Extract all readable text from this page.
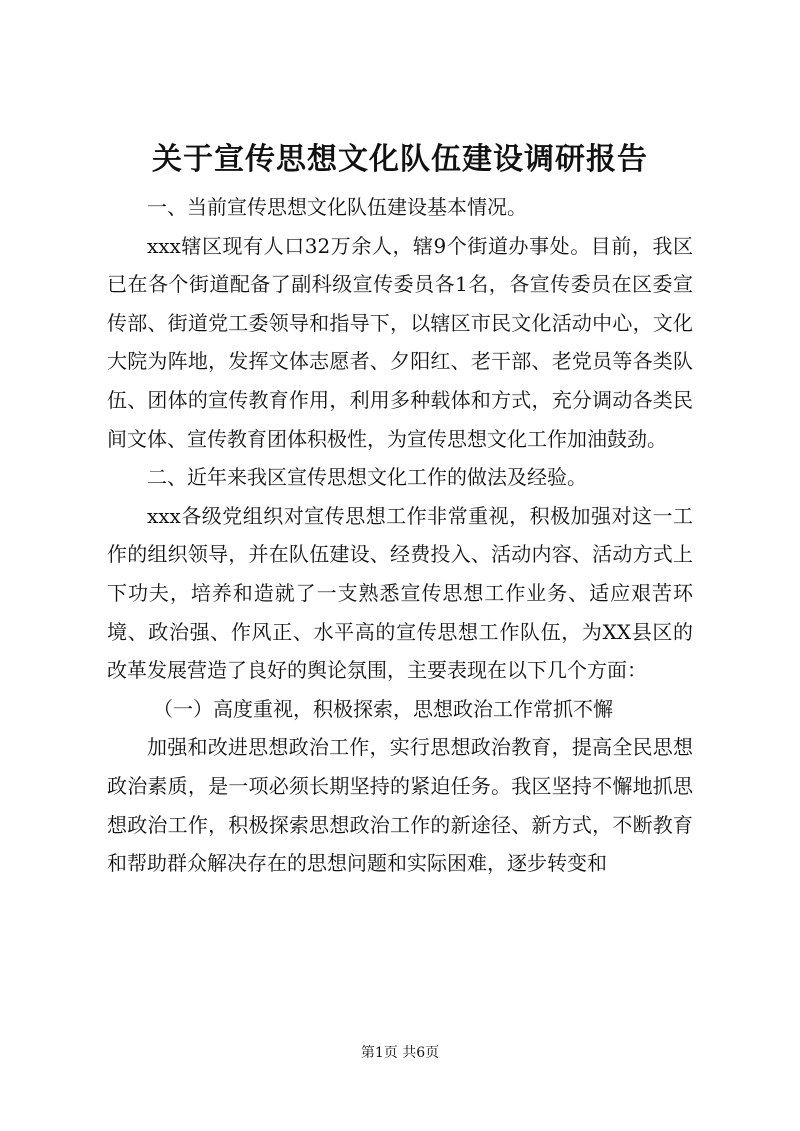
关于宣传思想文化队伍建设调研报告

一、当前宣传思想文化队伍建设基本情况。

xxx辖区现有人口32万余人，辖9个街道办事处。目前，我区已在各个街道配备了副科级宣传委员各1名，各宣传委员在区委宣传部、街道党工委领导和指导下，以辖区市民文化活动中心，文化大院为阵地，发挥文体志愿者、夕阳红、老干部、老党员等各类队伍、团体的宣传教育作用，利用多种载体和方式，充分调动各类民间文体、宣传教育团体积极性，为宣传思想文化工作加油鼓劲。

二、近年来我区宣传思想文化工作的做法及经验。

xxx各级党组织对宣传思想工作非常重视，积极加强对这一工作的组织领导，并在队伍建设、经费投入、活动内容、活动方式上下功夫，培养和造就了一支熟悉宣传思想工作业务、适应艰苦环境、政治强、作风正、水平高的宣传思想工作队伍，为XX县区的改革发展营造了良好的舆论氛围，主要表现在以下几个方面：

（一）高度重视，积极探索，思想政治工作常抓不懈

加强和改进思想政治工作，实行思想政治教育，提高全民思想政治素质，是一项必须长期坚持的紧迫任务。我区坚持不懈地抓思想政治工作，积极探索思想政治工作的新途径、新方式，不断教育和帮助群众解决存在的思想问题和实际困难，逐步转变和

第1页 共6页
